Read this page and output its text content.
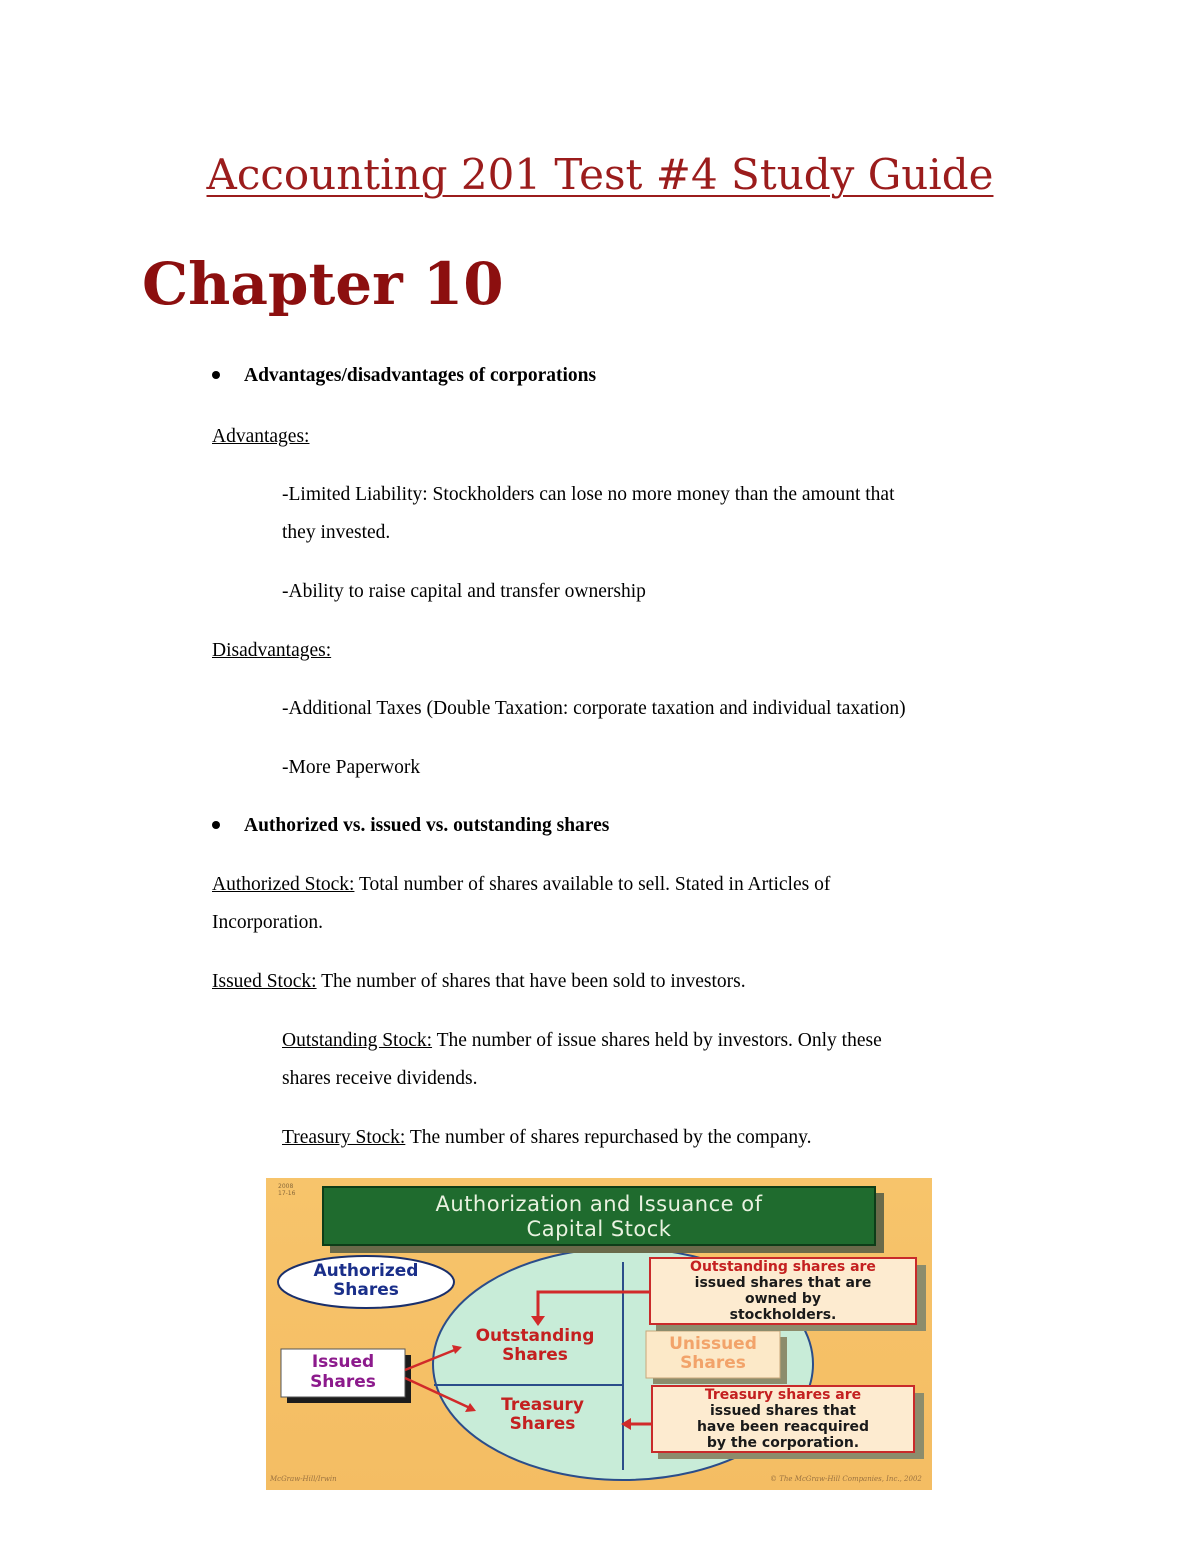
Accounting 201 Test #4 Study Guide
Chapter 10
Advantages/disadvantages of corporations
Advantages:
-Limited Liability: Stockholders can lose no more money than the amount that
they invested.
-Ability to raise capital and transfer ownership
Disadvantages:
-Additional Taxes (Double Taxation: corporate taxation and individual taxation)
-More Paperwork
Authorized vs. issued vs. outstanding shares
Authorized Stock: Total number of shares available to sell. Stated in Articles of
Incorporation.
Issued Stock: The number of shares that have been sold to investors.
Outstanding Stock: The number of issue shares held by investors. Only these
shares receive dividends.
Treasury Stock: The number of shares repurchased by the company.
Authorization and Issuance of
Capital Stock
2008
17-16
Authorized
Shares
Issued
Shares
Outstanding
Shares
Treasury
Shares
Unissued
Shares
Outstanding shares are
issued shares that are
owned by
stockholders.
Treasury shares are
issued shares that
have been reacquired
by the corporation.
McGraw-Hill/Irwin	© The McGraw-Hill Companies, Inc., 2002
